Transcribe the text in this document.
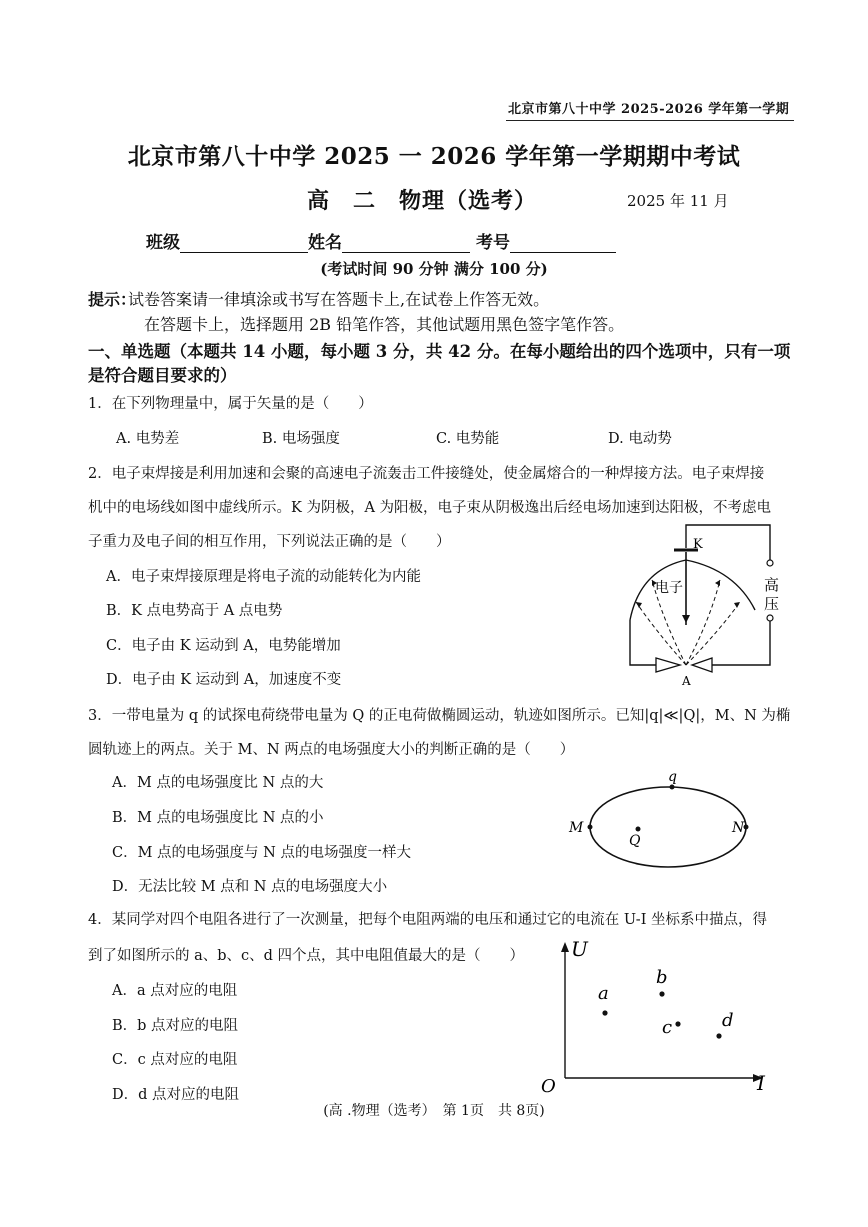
北京市第八十中学 2025-2026 学年第一学期
北京市第八十中学 2025 一 2026 学年第一学期期中考试
高　二　物理（选考）	2025 年 11 月
班级	姓名	考号
(考试时间 90 分钟 满分 100 分)
提示：
试卷答案请一律填涂或书写在答题卡上,在试卷上作答无效。
在答题卡上，选择题用 2B 铅笔作答，其他试题用黑色签字笔作答。
一、单选题（本题共 14 小题，每小题 3 分，共 42 分。在每小题给出的四个选项中，只有一项
是符合题目要求的）
1．在下列物理量中，属于矢量的是（　　）
A. 电势差	B. 电场强度	C. 电势能	D. 电动势
2．电子束焊接是利用加速和会聚的高速电子流轰击工件接缝处，使金属熔合的一种焊接方法。电子束焊接
机中的电场线如图中虚线所示。K 为阴极，A 为阳极，电子束从阴极逸出后经电场加速到达阳极，不考虑电
子重力及电子间的相互作用，下列说法正确的是（　　）
A．电子束焊接原理是将电子流的动能转化为内能
B．K 点电势高于 A 点电势
C．电子由 K 运动到 A，电势能增加
D．电子由 K 运动到 A，加速度不变
K
电子
A
高
压
3．一带电量为 q 的试探电荷绕带电量为 Q 的正电荷做椭圆运动，轨迹如图所示。已知|q|≪|Q|，M、N 为椭
圆轨迹上的两点。关于 M、N 两点的电场强度大小的判断正确的是（　　）
A．M 点的电场强度比 N 点的大
B．M 点的电场强度比 N 点的小
C．M 点的电场强度与 N 点的电场强度一样大
D．无法比较 M 点和 N 点的电场强度大小
q
M	N
Q
4．某同学对四个电阻各进行了一次测量，把每个电阻两端的电压和通过它的电流在 U-I 坐标系中描点，得
到了如图所示的 a、b、c、d 四个点，其中电阻值最大的是（　　）
A．a 点对应的电阻
B．b 点对应的电阻
C．c 点对应的电阻
D．d 点对应的电阻
U
I
O
a
b
c	d
(高 .物理（选考）　第 1页　共 8页)
